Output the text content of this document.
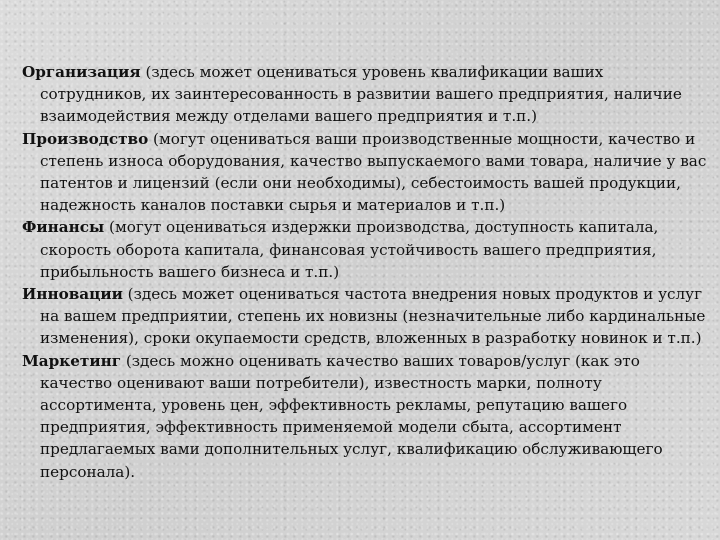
Организация (здесь может оцениваться уровень квалификации ваших сотрудников, их заинтересованность в развитии вашего предприятия, наличие взаимодействия между отделами вашего предприятия и т.п.)

Производство (могут оцениваться ваши производственные мощности, качество и степень износа оборудования, качество выпускаемого вами товара, наличие у вас патентов и лицензий (если они необходимы), себестоимость вашей продукции, надежность каналов поставки сырья и материалов и т.п.)

Финансы (могут оцениваться издержки производства, доступность капитала, скорость оборота капитала, финансовая устойчивость вашего предприятия, прибыльность вашего бизнеса и т.п.)

Инновации (здесь может оцениваться частота внедрения новых продуктов и услуг на вашем предприятии, степень их новизны (незначительные либо кардинальные изменения), сроки окупаемости средств, вложенных в разработку новинок и т.п.)

Маркетинг (здесь можно оценивать качество ваших товаров/услуг (как это качество оценивают ваши потребители), известность марки, полноту ассортимента, уровень цен, эффективность рекламы, репутацию вашего предприятия, эффективность применяемой модели сбыта, ассортимент предлагаемых вами дополнительных услуг, квалификацию обслуживающего персонала).
